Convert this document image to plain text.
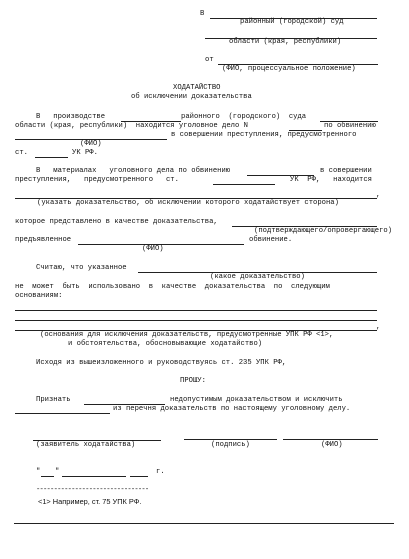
В
районный (городской) суд
области (края, республики)
от
(ФИО, процессуальное положение)
ХОДАТАЙСТВО
об исключении доказательства
В   производстве	районного  (городского)  суда
области (края, республики)  находится уголовное дело N	по обвинению
в совершении преступления, предусмотренного
(ФИО)
ст.	УК РФ.
В   материалах   уголовного дела по обвинению	в совершении
преступления,   предусмотренного   ст.	УК  РФ,   находится
,
(указать доказательство, об исключении которого ходатайствует сторона)
которое представлено в качестве доказательства,
(подтверждающего/опровергающего)
предъявленное	обвинение.
(ФИО)
Считаю, что указанное
(какое доказательство)
не  может  быть  использовано  в  качестве  доказательства  по  следующим
основаниям:
,
(основания для исключения доказательств, предусмотренные УПК РФ <1>,
и обстоятельства, обосновывающие ходатайство)
Исходя из вышеизложенного и руководствуясь ст. 235 УПК РФ,
ПРОШУ:
Признать	недопустимым доказательством и исключить
из перечня доказательств по настоящему уголовному делу.
(заявитель ходатайства)	(подпись)	(ФИО)
" "	г.
--------------------------------
<1> Например, ст. 75 УПК РФ.
